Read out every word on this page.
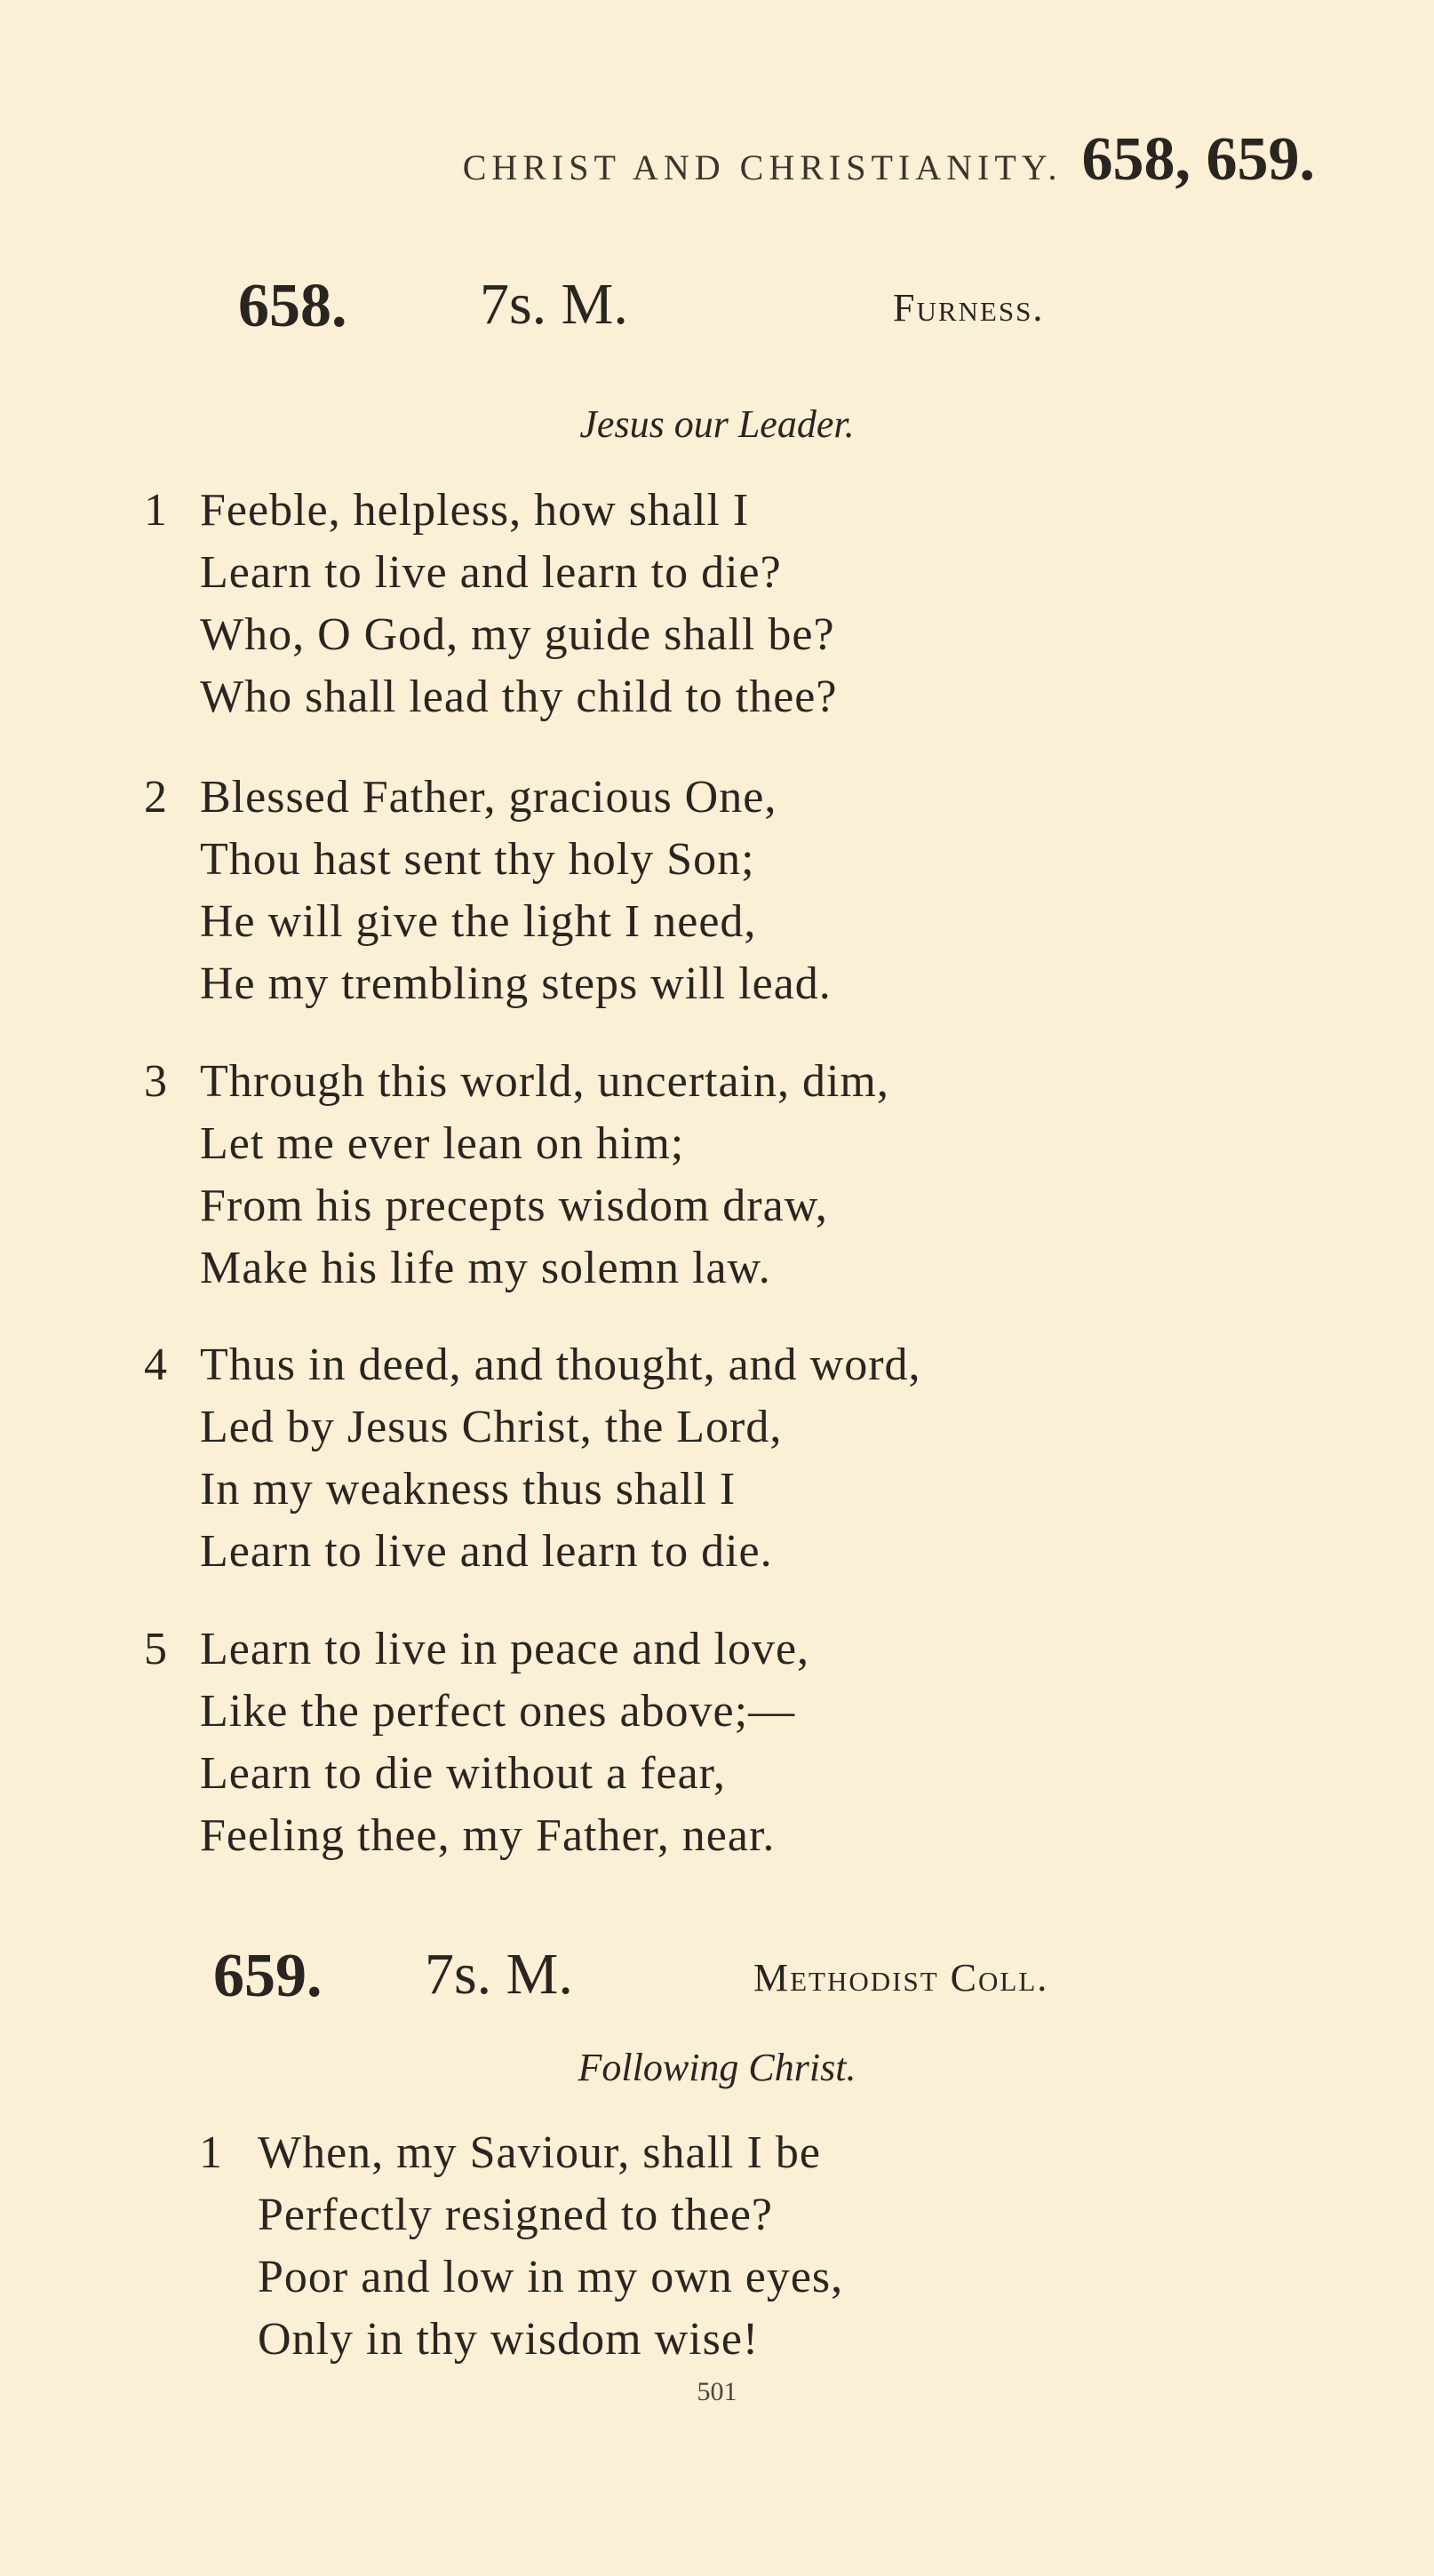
CHRIST AND CHRISTIANITY. 658, 659.
658. 7s. M.	Furness.
Jesus our Leader.
1 Feeble, helpless, how shall I
Learn to live and learn to die?
Who, O God, my guide shall be?
Who shall lead thy child to thee?
2 Blessed Father, gracious One,
Thou hast sent thy holy Son;
He will give the light I need,
He my trembling steps will lead.
3 Through this world, uncertain, dim,
Let me ever lean on him;
From his precepts wisdom draw,
Make his life my solemn law.
4 Thus in deed, and thought, and word,
Led by Jesus Christ, the Lord,
In my weakness thus shall I
Learn to live and learn to die.
5 Learn to live in peace and love,
Like the perfect ones above;—
Learn to die without a fear,
Feeling thee, my Father, near.
659. 7s. M.	Methodist Coll.
Following Christ.
1 When, my Saviour, shall I be
Perfectly resigned to thee?
Poor and low in my own eyes,
Only in thy wisdom wise!
501
